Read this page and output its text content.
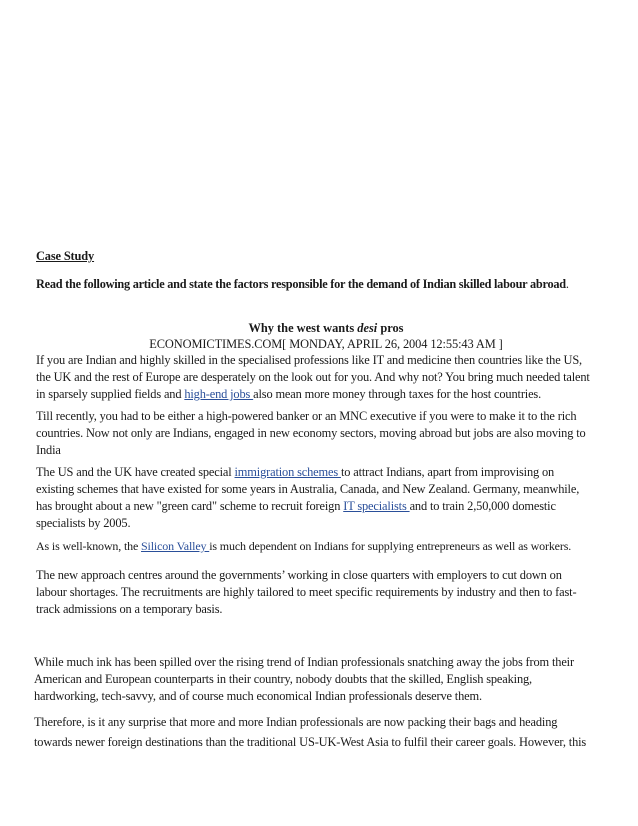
Case Study
Read the following article and state the factors responsible for the demand of Indian skilled labour abroad.
Why the west wants desi pros
ECONOMICTIMES.COM[ MONDAY, APRIL 26, 2004 12:55:43 AM ]
If you are Indian and highly skilled in the specialised professions like IT and medicine then countries like the US,
the UK and the rest of Europe are desperately on the look out for you. And why not? You bring much needed talent
in sparsely supplied fields and high-end jobs also mean more money through taxes for the host countries.
Till recently, you had to be either a high-powered banker or an MNC executive if you were to make it to the rich
countries. Now not only are Indians, engaged in new economy sectors, moving abroad but jobs are also moving to
India
The US and the UK have created special immigration schemes to attract Indians, apart from improvising on
existing schemes that have existed for some years in Australia, Canada, and New Zealand. Germany, meanwhile,
has brought about a new "green card" scheme to recruit foreign IT specialists and to train 2,50,000 domestic
specialists by 2005.
As is well-known, the Silicon Valley is much dependent on Indians for supplying entrepreneurs as well as workers.
The new approach centres around the governments’ working in close quarters with employers to cut down on
labour shortages. The recruitments are highly tailored to meet specific requirements by industry and then to fast-
track admissions on a temporary basis.
While much ink has been spilled over the rising trend of Indian professionals snatching away the jobs from their
American and European counterparts in their country, nobody doubts that the skilled, English speaking,
hardworking, tech-savvy, and of course much economical Indian professionals deserve them.
Therefore, is it any surprise that more and more Indian professionals are now packing their bags and heading
towards newer foreign destinations than the traditional US-UK-West Asia to fulfil their career goals. However, this
